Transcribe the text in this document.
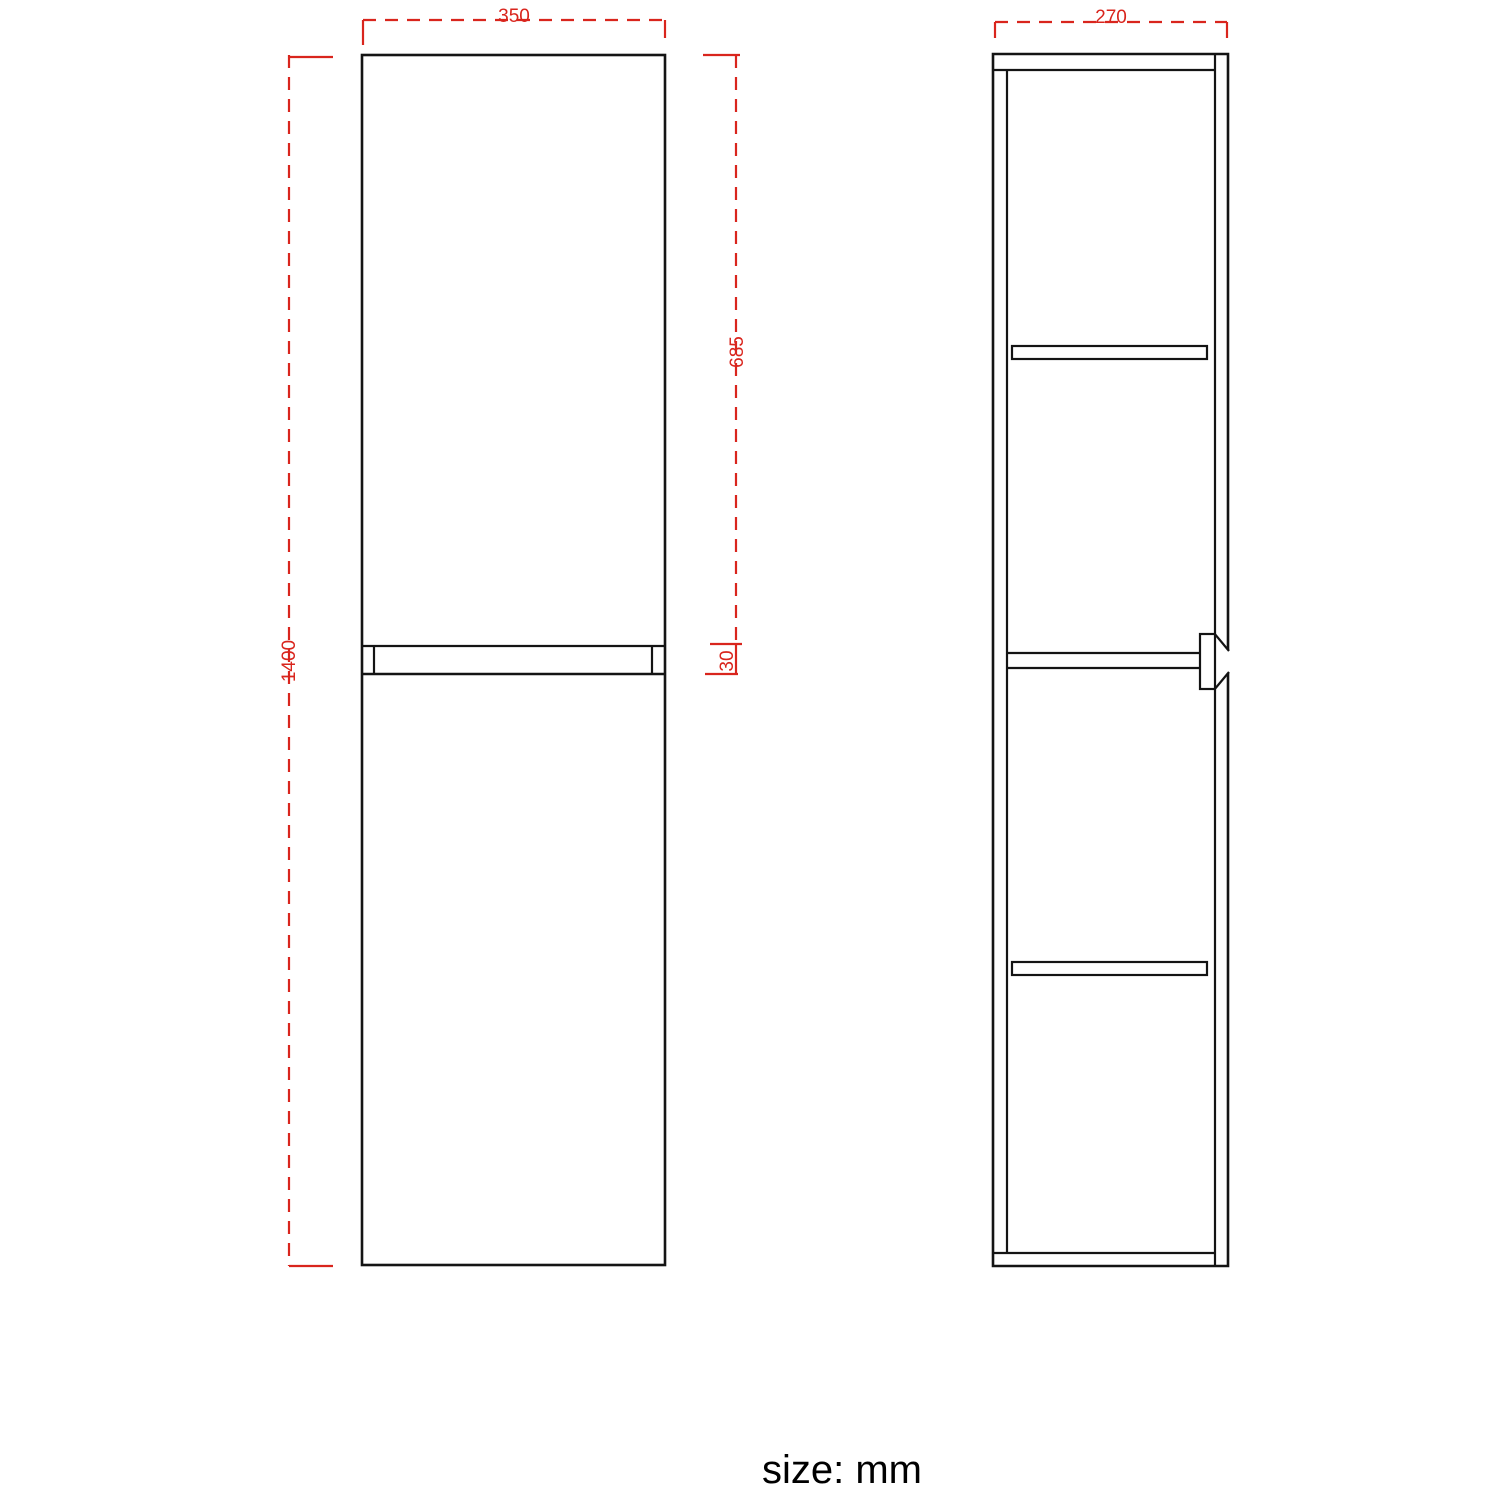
350
1400
685
30
270
size: mm
